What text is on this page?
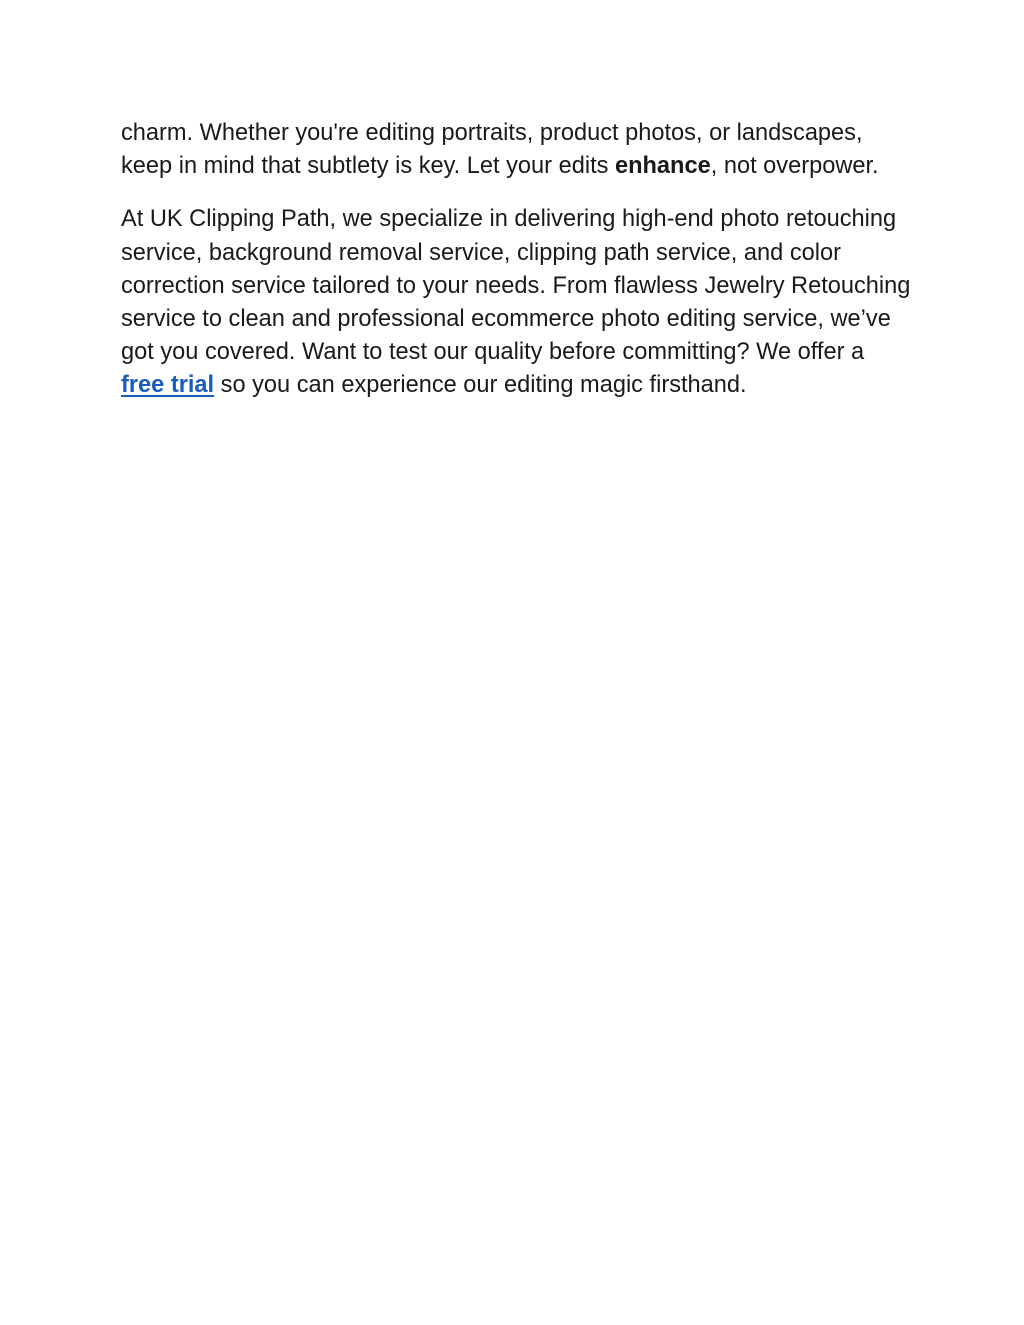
charm. Whether you're editing portraits, product photos, or landscapes, keep in mind that subtlety is key. Let your edits enhance, not overpower.

At UK Clipping Path, we specialize in delivering high-end photo retouching service, background removal service, clipping path service, and color correction service tailored to your needs. From flawless Jewelry Retouching service to clean and professional ecommerce photo editing service, we’ve got you covered. Want to test our quality before committing? We offer a free trial so you can experience our editing magic firsthand.
